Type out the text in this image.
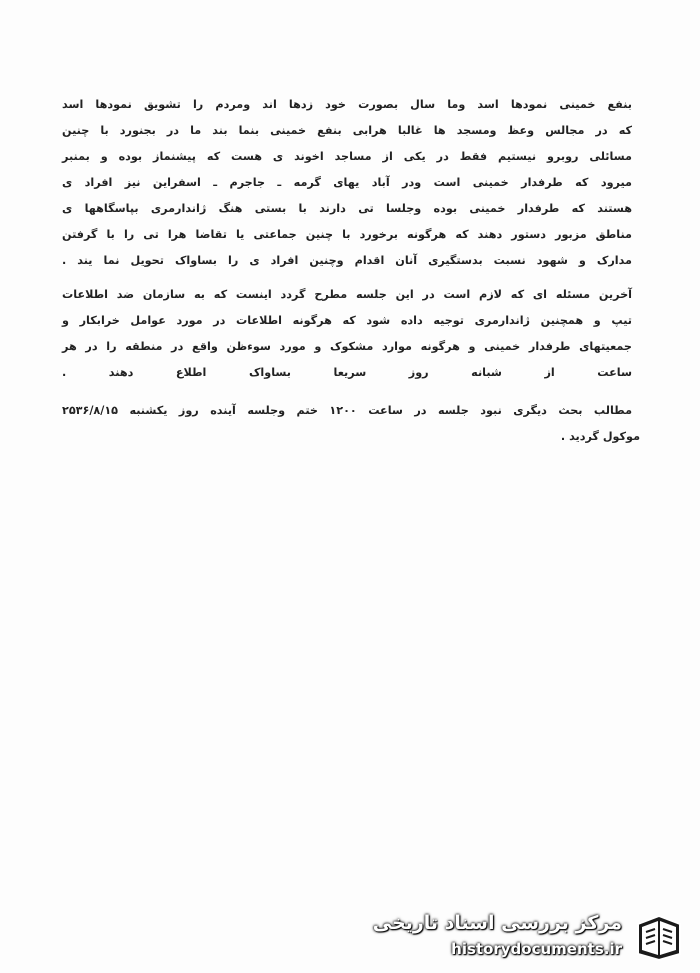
بنفع خمینی نمودها اسد وما سال بصورت خود زدها اند ومردم را تشویق نمودها اسد
که در مجالس وعظ ومسجد ها غالبا هرابی بنفع خمینی بنما بند ما در بجنورد با چنین
مسائلی روبرو نیستیم فقط در یکی از مساجد اخوند ی هست که پیشنماز بوده و بمنبر
میرود که طرفدار خمینی است ودر آباد یهای گرمه ـ جاجرم ـ اسفراین نیز افراد ی
هستند که طرفدار خمینی بوده وجلسا تی دارند با بستی هنگ ژاندارمری بپاسگاهها ی
مناطق مزبور دستور دهند که هرگونه برخورد با چنین جماعتی یا تقاضا هرا تی را با گرفتن
مدارک و شهود نسبت بدستگیری آنان اقدام وچنین افراد ی را بساواک تحویل نما یند .
آخرین مسئله ای که لازم است در این جلسه مطرح گردد اینست که به سازمان ضد اطلاعات
تیپ و همچنین ژاندارمری توجیه داده شود که هرگونه اطلاعات در مورد عوامل خرابکار و
جمعیتهای طرفدار خمینی و هرگونه موارد مشکوک و مورد سوءظن واقع در منطقه را در هر
ساعت از شبانه روز سریعا بساواک اطلاع دهند .
مطالب بحث دیگری نبود جلسه در ساعت ۱۲۰۰ ختم وجلسه آینده روز یکشنبه ۲۵۳۶/۸/۱۵
موکول گردید .
مرکز بررسی اسناد تاریخی
historydocuments.ir
